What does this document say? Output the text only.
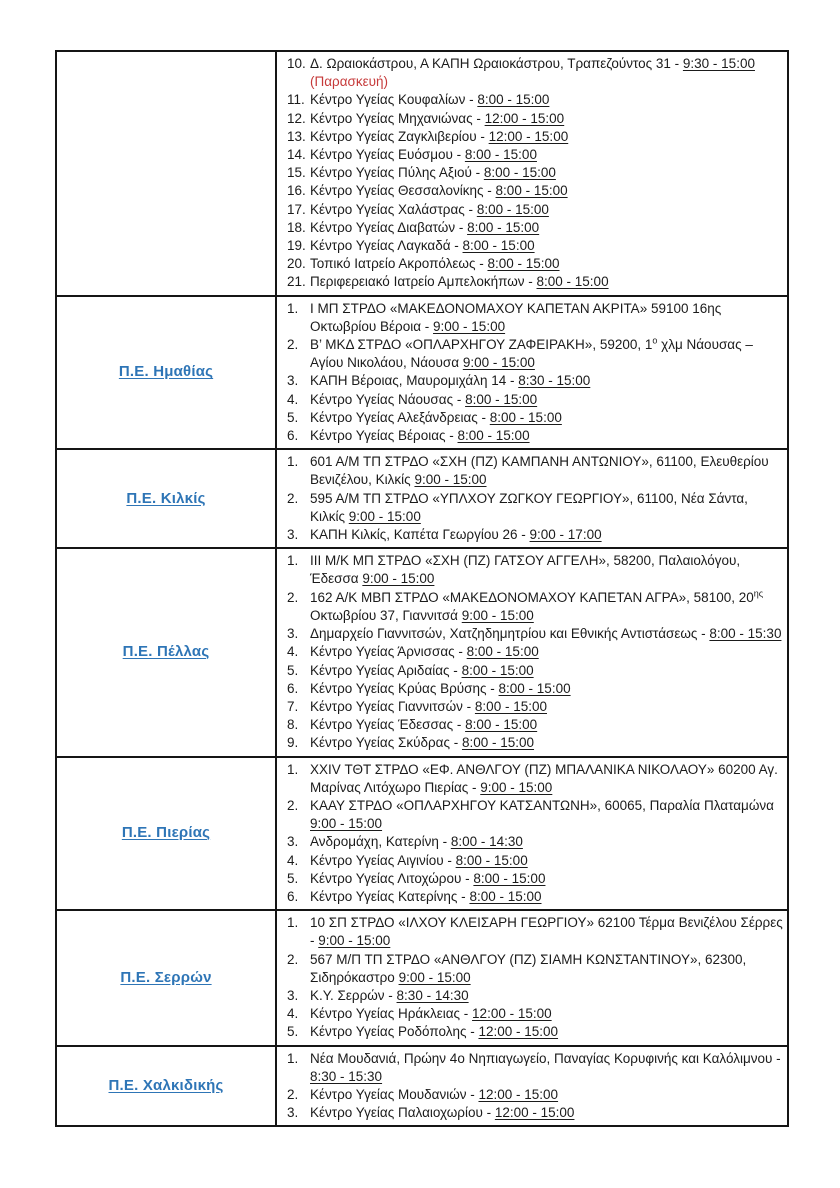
10. Δ. Ωραιοκάστρου, Α ΚΑΠΗ Ωραιοκάστρου, Τραπεζούντος 31 - 9:30 - 15:00 (Παρασκευή)
11. Κέντρο Υγείας Κουφαλίων - 8:00 - 15:00
12. Κέντρο Υγείας Μηχανιώνας - 12:00 - 15:00
13. Κέντρο Υγείας Ζαγκλιβερίου - 12:00 - 15:00
14. Κέντρο Υγείας Ευόσμου - 8:00 - 15:00
15. Κέντρο Υγείας Πύλης Αξιού - 8:00 - 15:00
16. Κέντρο Υγείας Θεσσαλονίκης - 8:00 - 15:00
17. Κέντρο Υγείας Χαλάστρας - 8:00 - 15:00
18. Κέντρο Υγείας Διαβατών - 8:00 - 15:00
19. Κέντρο Υγείας Λαγκαδά - 8:00 - 15:00
20. Τοπικό Ιατρείο Ακροπόλεως - 8:00 - 15:00
21. Περιφερειακό Ιατρείο Αμπελοκήπων - 8:00 - 15:00

Π.Ε. Ημαθίας	
1. Ι ΜΠ ΣΤΡΔΟ «ΜΑΚΕΔΟΝΟΜΑΧΟΥ ΚΑΠΕΤΑΝ ΑΚΡΙΤΑ» 59100 16ης Οκτωβρίου Βέροια - 9:00 - 15:00
2. Β’ ΜΚΔ ΣΤΡΔΟ «ΟΠΛΑΡΧΗΓΟΥ ΖΑΦΕΙΡΑΚΗ», 59200, $1^o$ χλμ Νάουσας – Αγίου Νικολάου, Νάουσα 9:00 - 15:00
3. ΚΑΠΗ Βέροιας, Μαυρομιχάλη 14 - 8:30 - 15:00
4. Κέντρο Υγείας Νάουσας - 8:00 - 15:00
5. Κέντρο Υγείας Αλεξάνδρειας - 8:00 - 15:00
6. Κέντρο Υγείας Βέροιας - 8:00 - 15:00

Π.Ε. Κιλκίς	
1. 601 Α/Μ ΤΠ ΣΤΡΔΟ «ΣΧΗ (ΠΖ) ΚΑΜΠΑΝΗ ΑΝΤΩΝΙΟΥ», 61100, Ελευθερίου Βενιζέλου, Κιλκίς 9:00 - 15:00
2. 595 Α/Μ ΤΠ ΣΤΡΔΟ «ΥΠΛΧΟΥ ΖΩΓΚΟΥ ΓΕΩΡΓΙΟΥ», 61100, Νέα Σάντα, Κιλκίς 9:00 - 15:00
3. ΚΑΠΗ Κιλκίς, Καπέτα Γεωργίου 26 - 9:00 - 17:00

Π.Ε. Πέλλας	
1. ΙΙΙ Μ/Κ ΜΠ ΣΤΡΔΟ «ΣΧΗ (ΠΖ) ΓΑΤΣΟΥ ΑΓΓΕΛΗ», 58200, Παλαιολόγου, Έδεσσα 9:00 - 15:00
2. 162 Α/Κ ΜΒΠ ΣΤΡΔΟ «ΜΑΚΕΔΟΝΟΜΑΧΟΥ ΚΑΠΕΤΑΝ ΑΓΡΑ», 58100, $20^{\eta\varsigma}$ Οκτωβρίου 37, Γιαννιτσά 9:00 - 15:00
3. Δημαρχείο Γιαννιτσών, Χατζηδημητρίου και Εθνικής Αντιστάσεως - 8:00 - 15:30
4. Κέντρο Υγείας Άρνισσας - 8:00 - 15:00
5. Κέντρο Υγείας Αριδαίας - 8:00 - 15:00
6. Κέντρο Υγείας Κρύας Βρύσης - 8:00 - 15:00
7. Κέντρο Υγείας Γιαννιτσών - 8:00 - 15:00
8. Κέντρο Υγείας Έδεσσας - 8:00 - 15:00
9. Κέντρο Υγείας Σκύδρας - 8:00 - 15:00

Π.Ε. Πιερίας	
1. XXIV ΤΘΤ ΣΤΡΔΟ «ΕΦ. ΑΝΘΛΓΟΥ (ΠΖ) ΜΠΑΛΑΝΙΚΑ ΝΙΚΟΛΑΟΥ» 60200 Αγ. Μαρίνας Λιτόχωρο Πιερίας - 9:00 - 15:00
2. ΚΑΑΥ ΣΤΡΔΟ «ΟΠΛΑΡΧΗΓΟΥ ΚΑΤΣΑΝΤΩΝΗ», 60065, Παραλία Πλαταμώνα 9:00 - 15:00
3. Ανδρομάχη, Κατερίνη - 8:00 - 14:30
4. Κέντρο Υγείας Αιγινίου - 8:00 - 15:00
5. Κέντρο Υγείας Λιτοχώρου - 8:00 - 15:00
6. Κέντρο Υγείας Κατερίνης - 8:00 - 15:00

Π.Ε. Σερρών	
1. 10 ΣΠ ΣΤΡΔΟ «ΙΛΧΟΥ ΚΛΕΙΣΑΡΗ ΓΕΩΡΓΙΟΥ» 62100 Τέρμα Βενιζέλου Σέρρες - 9:00 - 15:00
2. 567 Μ/Π ΤΠ ΣΤΡΔΟ «ΑΝΘΛΓΟΥ (ΠΖ) ΣΙΑΜΗ ΚΩΝΣΤΑΝΤΙΝΟΥ», 62300, Σιδηρόκαστρο 9:00 - 15:00
3. Κ.Υ. Σερρών - 8:30 - 14:30
4. Κέντρο Υγείας Ηράκλειας - 12:00 - 15:00
5. Κέντρο Υγείας Ροδόπολης - 12:00 - 15:00

Π.Ε. Χαλκιδικής	
1. Νέα Μουδανιά, Πρώην 4ο Νηπιαγωγείο, Παναγίας Κορυφινής και Καλόλιμνου - 8:30 - 15:30
2. Κέντρο Υγείας Μουδανιών - 12:00 - 15:00
3. Κέντρο Υγείας Παλαιοχωρίου - 12:00 - 15:00
